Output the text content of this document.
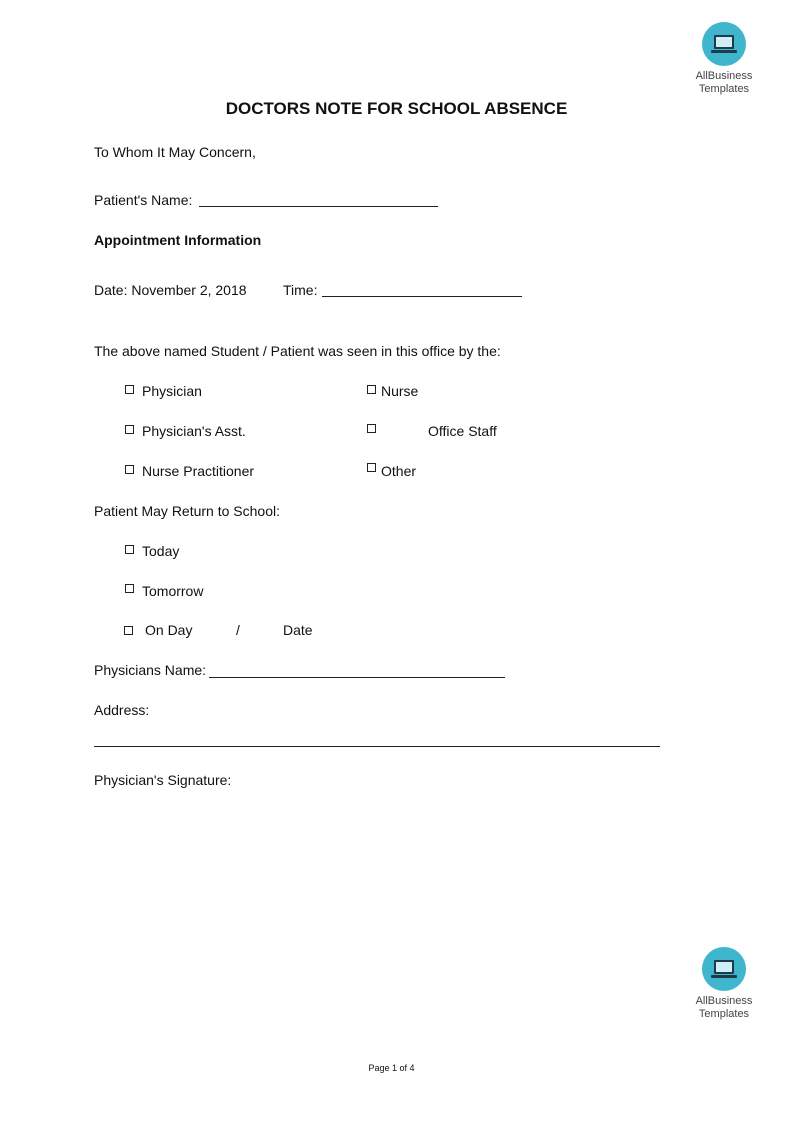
AllBusiness
Templates
DOCTORS NOTE FOR SCHOOL ABSENCE
To Whom It May Concern,
Patient's Name:
Appointment Information
Date: November 2, 2018	Time:
The above named Student / Patient was seen in this office by the:
Physician	Nurse
Physician's Asst.	Office Staff
Nurse Practitioner	Other
Patient May Return to School:
Today
Tomorrow
On Day	/	Date
Physicians Name:
Address:
Physician's Signature:
AllBusiness
Templates
Page 1 of 4
